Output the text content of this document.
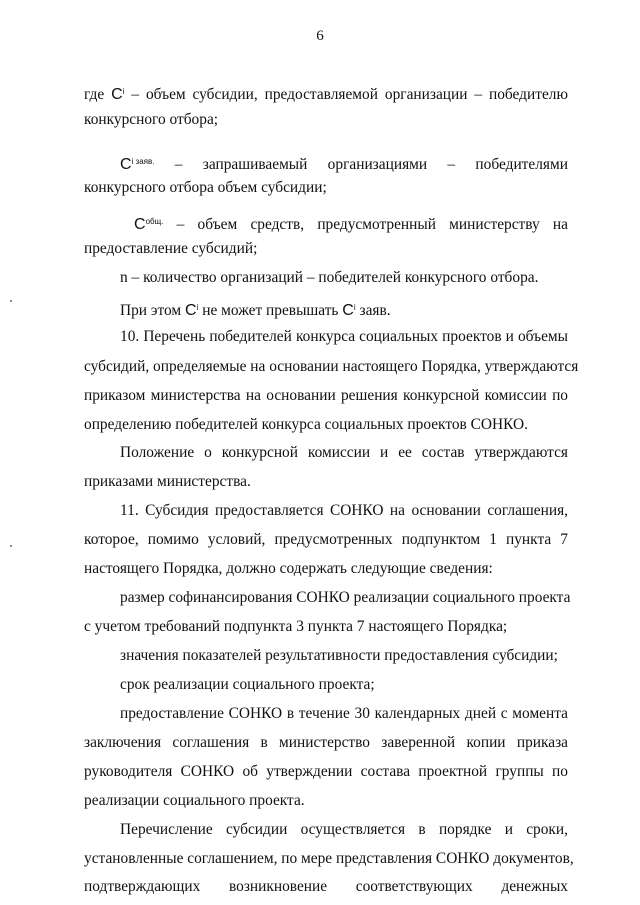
6
где $C^i$ – объем субсидии, предоставляемой организации – победителю
конкурсного отбора;
$C^{i заяв.}$ – запрашиваемый организациями – победителями
конкурсного отбора объем субсидии;
$С^{общ.}$ – объем средств, предусмотренный министерству на
предоставление субсидий;
n – количество организаций – победителей конкурсного отбора.
При этом $C^i$ не может превышать $C^i$ заяв.
10. Перечень победителей конкурса социальных проектов и объемы
субсидий, определяемые на основании настоящего Порядка, утверждаются
приказом министерства на основании решения конкурсной комиссии по
определению победителей конкурса социальных проектов СОНКО.
Положение о конкурсной комиссии и ее состав утверждаются
приказами министерства.
11. Субсидия предоставляется СОНКО на основании соглашения,
которое, помимо условий, предусмотренных подпунктом 1 пункта 7
настоящего Порядка, должно содержать следующие сведения:
размер софинансирования СОНКО реализации социального проекта
с учетом требований подпункта 3 пункта 7 настоящего Порядка;
значения показателей результативности предоставления субсидии;
срок реализации социального проекта;
предоставление СОНКО в течение 30 календарных дней с момента
заключения соглашения в министерство заверенной копии приказа
руководителя СОНКО об утверждении состава проектной группы по
реализации социального проекта.
Перечисление субсидии осуществляется в порядке и сроки,
установленные соглашением, по мере представления СОНКО документов,
подтверждающих возникновение соответствующих денежных
